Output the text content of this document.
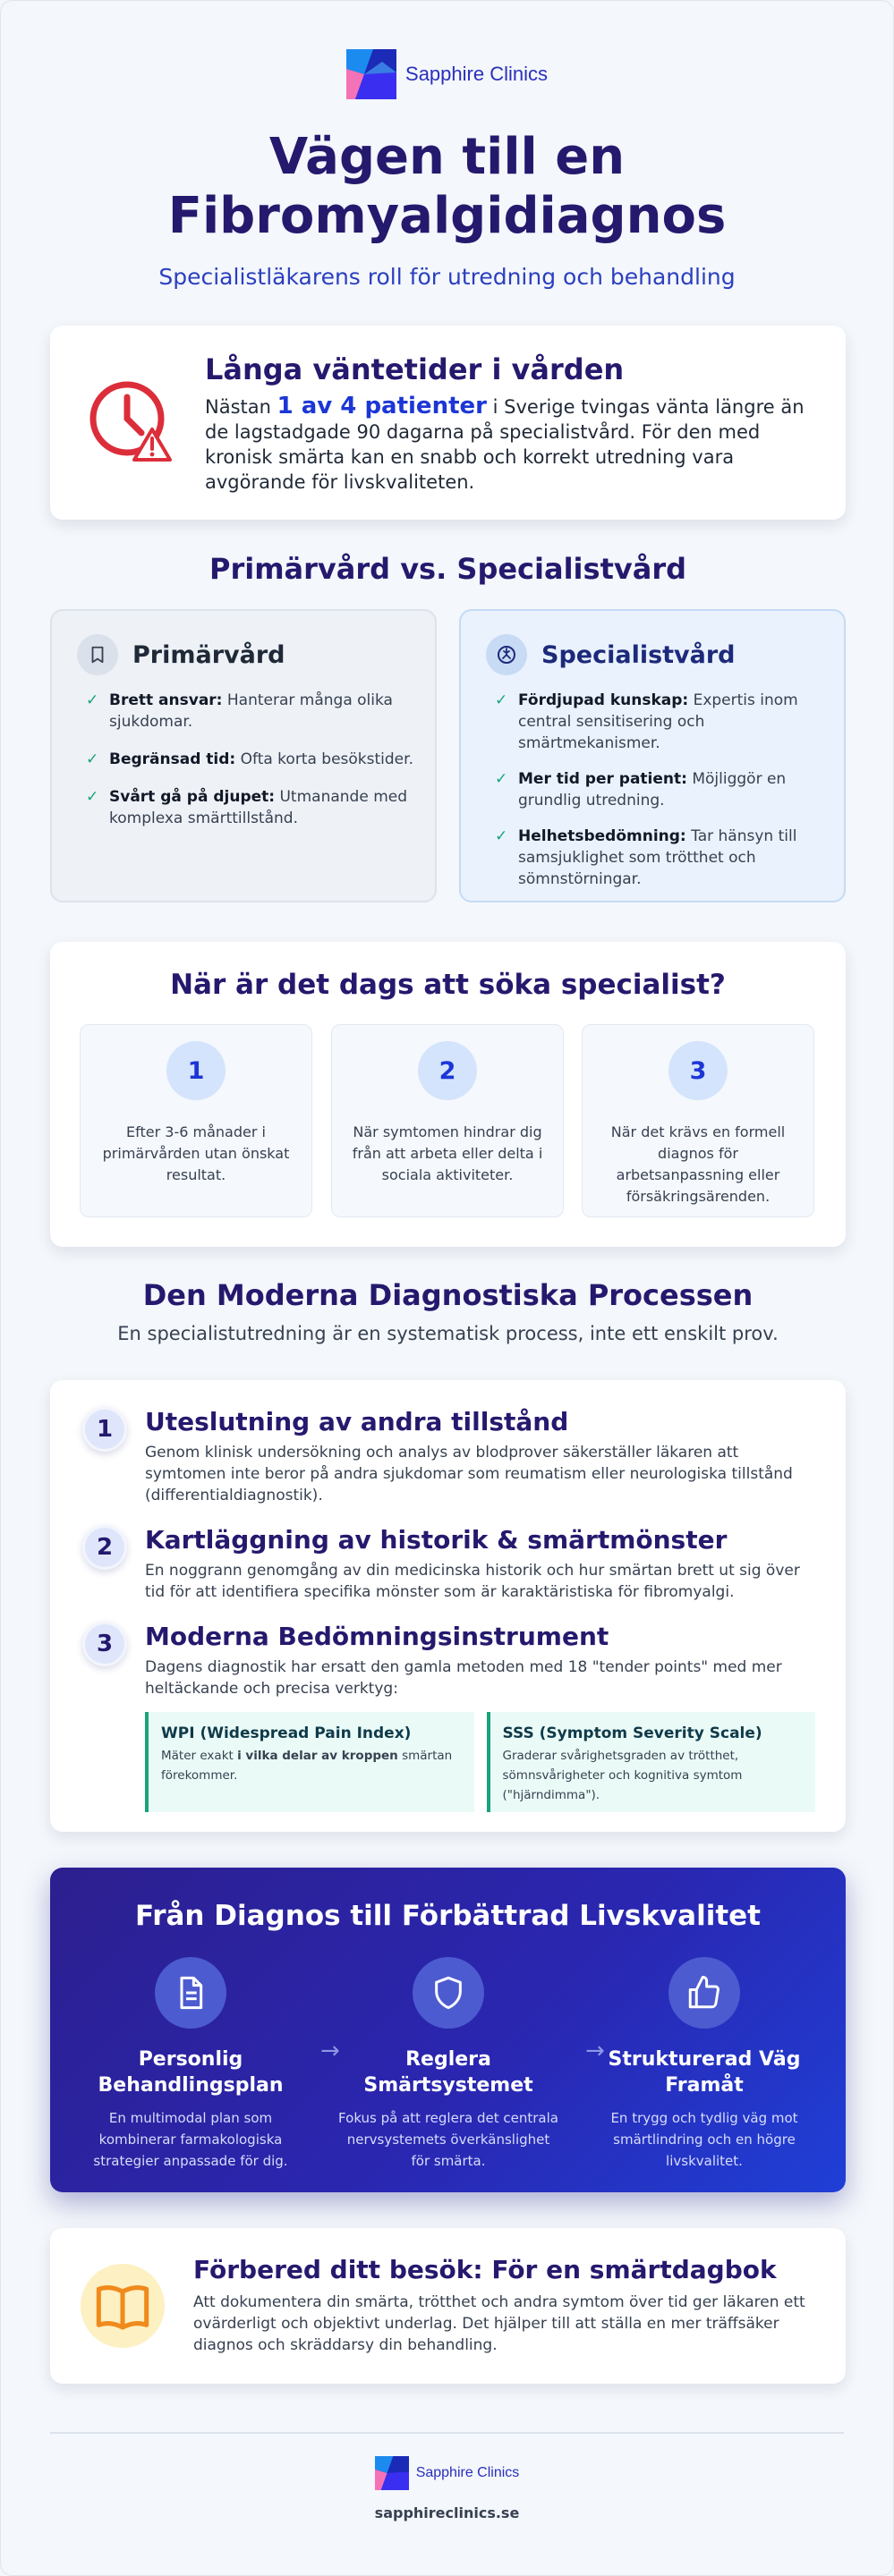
Sapphire Clinics
Vägen till en
Fibromyalgidiagnos
Specialistläkarens roll för utredning och behandling
Långa väntetider i vården

Nästan 1 av 4 patienter i Sverige tvingas vänta längre än de lagstadgade 90 dagarna på specialistvård. För den med kronisk smärta kan en snabb och korrekt utredning vara avgörande för livskvaliteten.

Primärvård vs. Specialistvård
Primärvård
✓ Brett ansvar: Hanterar många olika sjukdomar.
✓ Begränsad tid: Ofta korta besökstider.
✓ Svårt gå på djupet: Utmanande med komplexa smärttillstånd.
Specialistvård
✓ Fördjupad kunskap: Expertis inom central sensitisering och smärtmekanismer.
✓ Mer tid per patient: Möjliggör en grundlig utredning.
✓ Helhetsbedömning: Tar hänsyn till samsjuklighet som trötthet och sömnstörningar.
När är det dags att söka specialist?
1

Efter 3-6 månader i primärvården utan önskat resultat.

2

När symtomen hindrar dig från att arbeta eller delta i sociala aktiviteter.

3

När det krävs en formell diagnos för arbetsanpassning eller försäkringsärenden.

Den Moderna Diagnostiska Processen
En specialistutredning är en systematisk process, inte ett enskilt prov.
1	Uteslutning av andra tillstånd

Genom klinisk undersökning och analys av blodprover säkerställer läkaren att symtomen inte beror på andra sjukdomar som reumatism eller neurologiska tillstånd (differentialdiagnostik).

2	Kartläggning av historik & smärtmönster

En noggrann genomgång av din medicinska historik och hur smärtan brett ut sig över tid för att identifiera specifika mönster som är karaktäristiska för fibromyalgi.

3	Moderna Bedömningsinstrument

Dagens diagnostik har ersatt den gamla metoden med 18 "tender points" med mer heltäckande och precisa verktyg:

WPI (Widespread Pain Index)

Mäter exakt i vilka delar av kroppen smärtan förekommer.

SSS (Symptom Severity Scale)

Graderar svårighetsgraden av trötthet, sömnsvårigheter och kognitiva symtom ("hjärndimma").

Från Diagnos till Förbättrad Livskvalitet
Personlig Behandlingsplan

En multimodal plan som kombinerar farmakologiska strategier anpassade för dig.

→	Reglera Smärtsystemet

Fokus på att reglera det centrala nervsystemets överkänslighet för smärta.

→ Strukturerad Väg Framåt

En trygg och tydlig väg mot smärtlindring och en högre livskvalitet.

Förbered ditt besök: För en smärtdagbok

Att dokumentera din smärta, trötthet och andra symtom över tid ger läkaren ett ovärderligt och objektivt underlag. Det hjälper till att ställa en mer träffsäker diagnos och skräddarsy din behandling.

Sapphire Clinics
sapphireclinics.se
